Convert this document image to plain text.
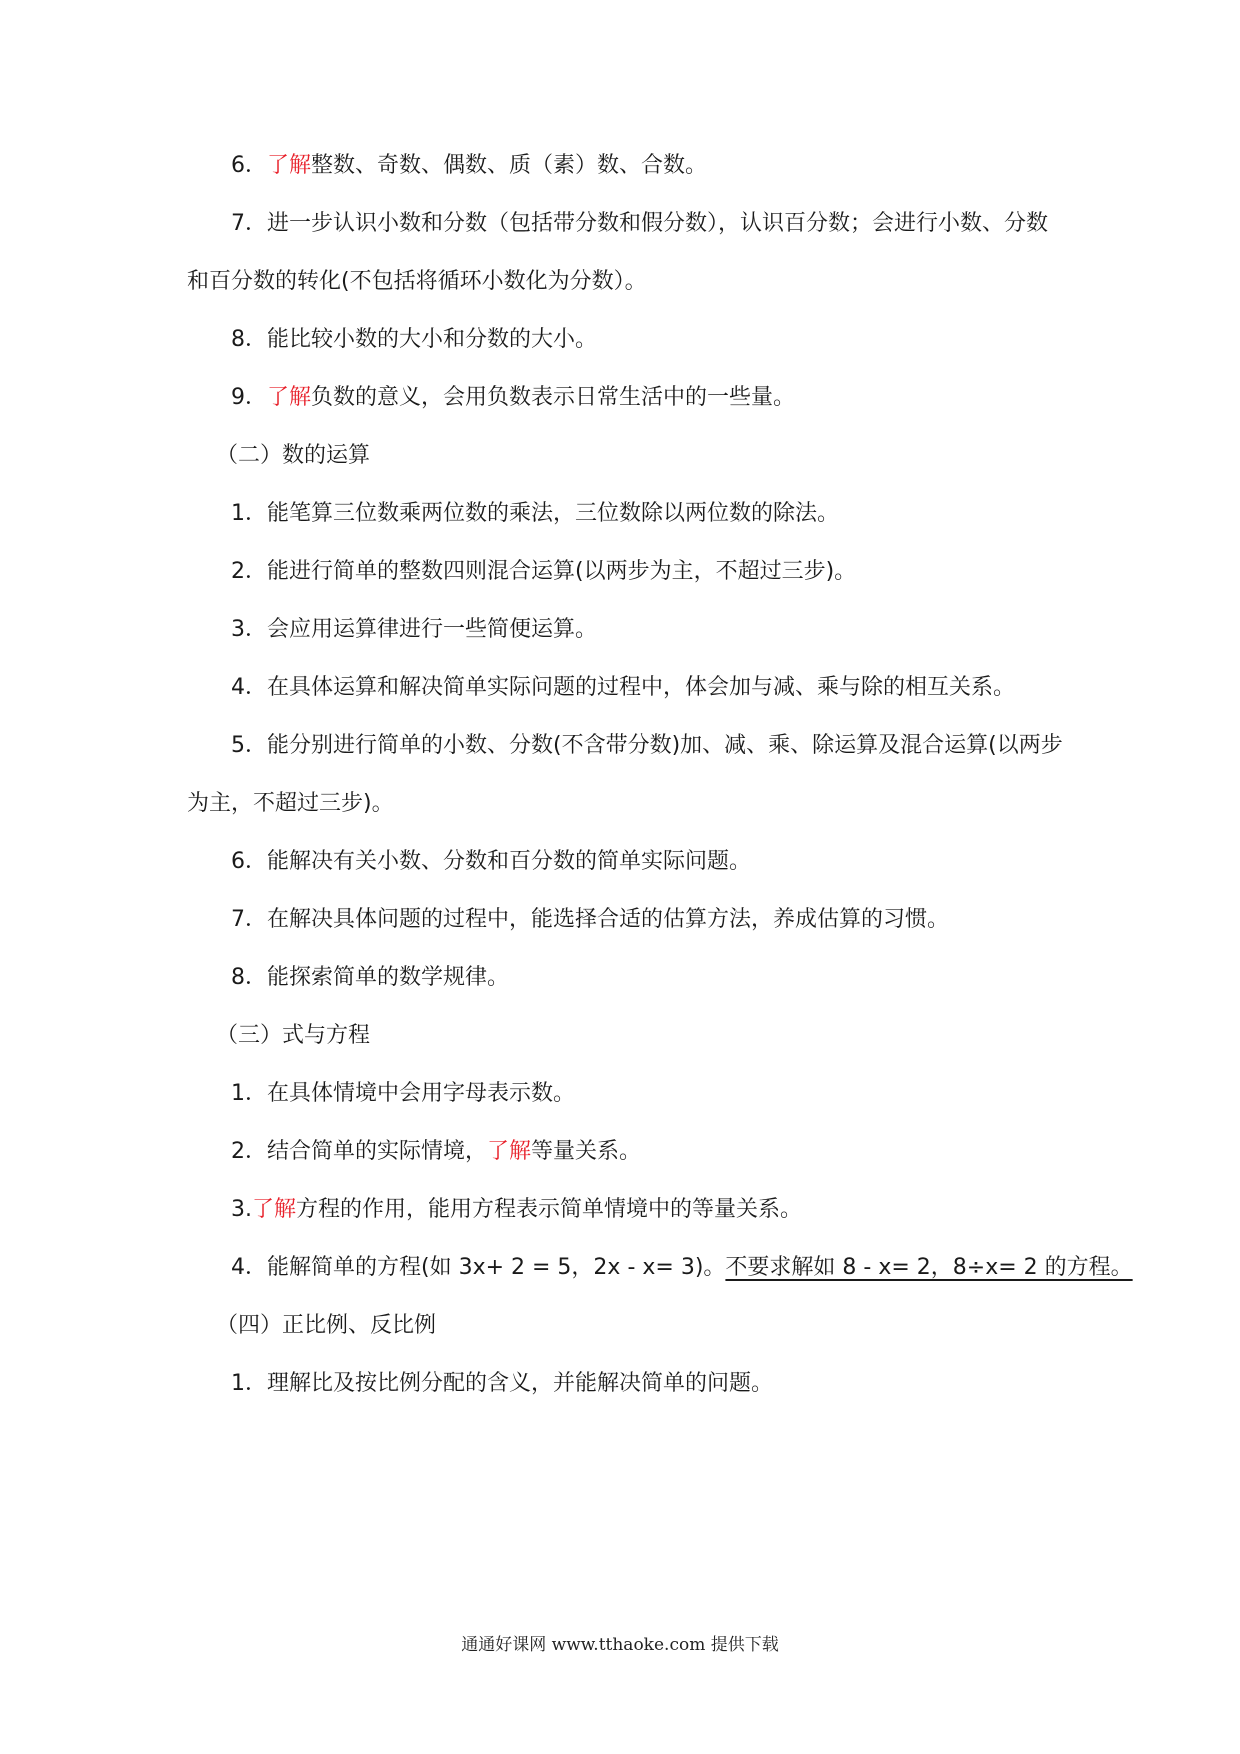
6．了解整数、奇数、偶数、质（素）数、合数。
7．进一步认识小数和分数（包括带分数和假分数），认识百分数；会进行小数、分数
和百分数的转化(不包括将循环小数化为分数）。
8．能比较小数的大小和分数的大小。
9．了解负数的意义，会用负数表示日常生活中的一些量。
（二）数的运算
1．能笔算三位数乘两位数的乘法，三位数除以两位数的除法。
2．能进行简单的整数四则混合运算(以两步为主，不超过三步)。
3．会应用运算律进行一些简便运算。
4．在具体运算和解决简单实际问题的过程中，体会加与减、乘与除的相互关系。
5．能分别进行简单的小数、分数(不含带分数)加、减、乘、除运算及混合运算(以两步
为主，不超过三步)。
6．能解决有关小数、分数和百分数的简单实际问题。
7．在解决具体问题的过程中，能选择合适的估算方法，养成估算的习惯。
8．能探索简单的数学规律。
（三）式与方程
1．在具体情境中会用字母表示数。
2．结合简单的实际情境，了解等量关系。
3.了解方程的作用，能用方程表示简单情境中的等量关系。
4．能解简单的方程(如 3x+ 2 = 5，2x - x= 3)。不要求解如 8 - x= 2，8÷x= 2 的方程。
（四）正比例、反比例
1．理解比及按比例分配的含义，并能解决简单的问题。
通通好课网 www.tthaoke.com 提供下载
